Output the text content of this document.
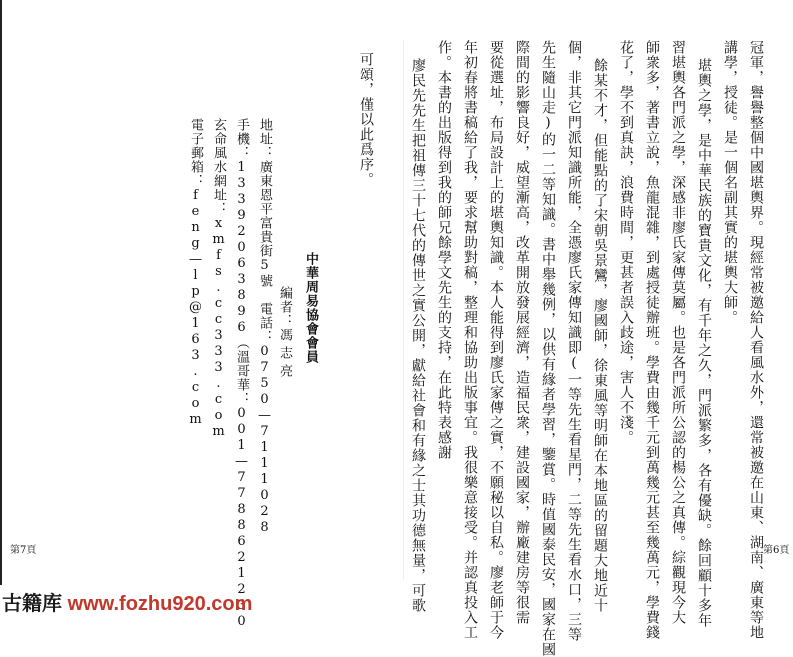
第6頁
冠軍，譽譽整個中國堪輿界。現經常被邀給人看風水外，還常被邀在山東、湖南、廣東等地
講學，授徒。是一個名副其實的堪輿大師。
堪輿之學，是中華民族的寶貴文化，有千年之久，門派繁多，各有優缺。餘回顧十多年
習堪輿各門派之學，深感非廖氏家傳莫屬。也是各門派所公認的楊公之真傳。綜觀現今大
師衆多，著書立說，魚龍混雜，到處授徒辦班。學費由幾千元到萬幾元甚至幾萬元，學費錢
花了，學不到真訣，浪費時間，更甚者誤入歧途，害人不淺。
餘某不才，但能點的了宋朝吳景鸞，廖國師，徐東風等明師在本地區的留題大地近十
個，非其它門派知識所能，全憑廖氏家傳知識即(一等先生看星門，二等先生看水口，三等
先生隨山走)的一二等知識。書中舉幾例，以供有緣者學習，鑒賞。時值國泰民安，國家在國
際間的影響良好，威望漸高，改革開放發展經濟，造福民衆，建設國家，辦廠建房等很需
要從選址，布局設計上的堪輿知識。本人能得到廖氏家傳之實，不願秘以自私。廖老師于今
年初春將書稿給了我，要求幫助對稿，整理和協助出版事宜。我很樂意接受。并認真投入工
作。本書的出版得到我的師兄餘學文先生的支持，在此特表感謝
廖民先先生把祖傳三十七代的傳世之實公開，獻給社會和有緣之士其功德無量，可歌
可頌，僅以此爲序。
中華周易協會會員
編者：馮志亮
地址：廣東恩平富貴街5號　電話：0750—7111028
手機：13392063896（溫哥華：001—7788621230
玄命風水網址：xmfs.cc333.com
電子郵箱：feng—lp@163.com
第7頁
古籍库 www.fozhu920.com
